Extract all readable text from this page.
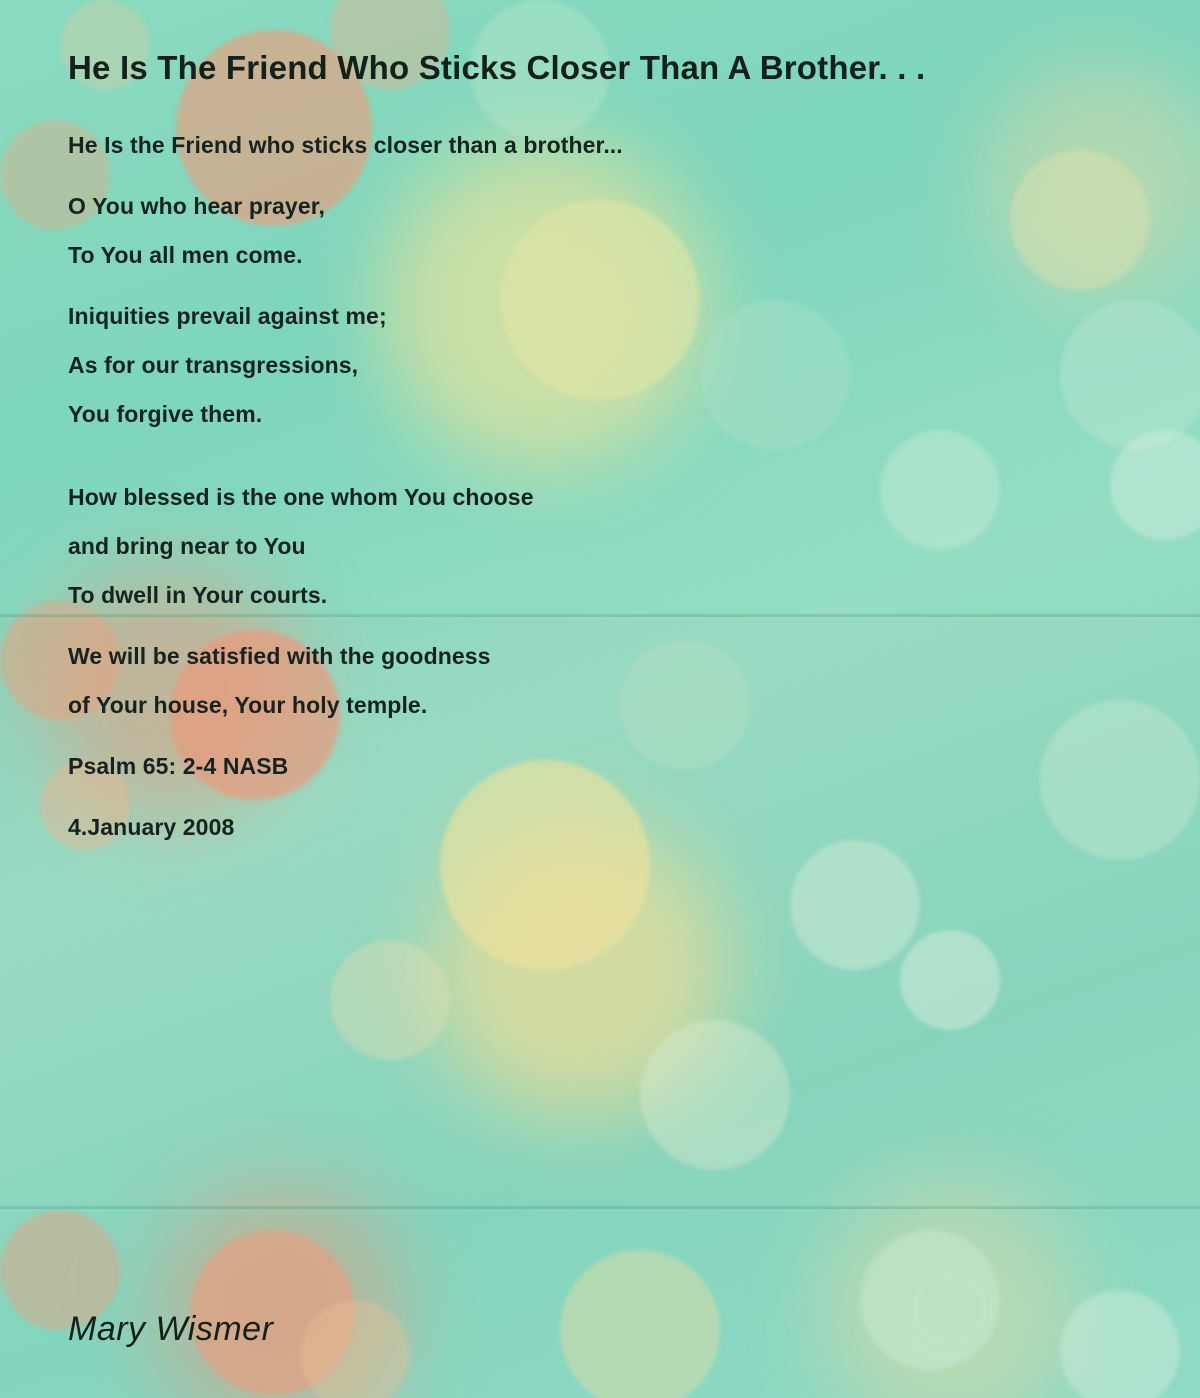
He Is The Friend Who Sticks Closer Than A Brother. . .

He Is the Friend who sticks closer than a brother...

O You who hear prayer,

To You all men come.

Iniquities prevail against me;

As for our transgressions,

You forgive them.

How blessed is the one whom You choose

and bring near to You

To dwell in Your courts.

We will be satisfied with the goodness

of Your house, Your holy temple.

Psalm 65: 2-4 NASB

4.January 2008

Mary Wismer
